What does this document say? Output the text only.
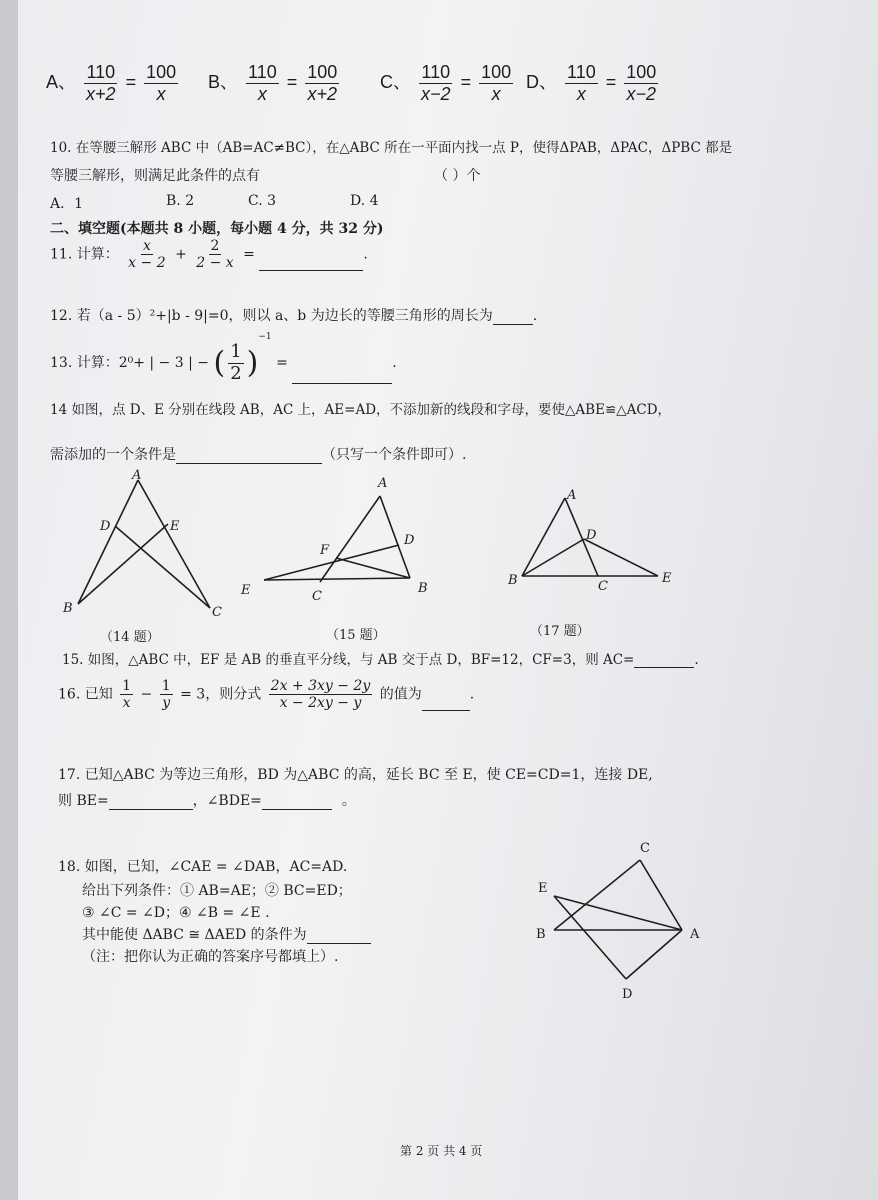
A、 $\frac{110}{x+2} = \frac{100}{x}$ B、 $\frac{110}{x} = \frac{100}{x+2}$ C、 $\frac{110}{x-2} = \frac{100}{x}$ D、 $\frac{110}{x} = \frac{100}{x-2}$
10. 在等腰三解形 ABC 中（AB=AC≠BC），在△ABC 所在一平面内找一点 P，使得ΔPAB，ΔPAC，ΔPBC 都是
等腰三解形，则满足此条件的点有	（ ）个
A．1	B. 2	C. 3	D. 4
二、填空题(本题共 8 小题，每小题 4 分，共 32 分)
11. 计算： $\frac{x}{x - 2} + \frac{2}{2 - x}$ =	.
12. 若（a - 5）²+|b - 9|=0，则以 a、b 为边长的等腰三角形的周长为	.
13. 计算：2⁰+ | − 3 | − ( $\frac{1}{2} )^{-1}$ =	.
14 如图，点 D、E 分别在线段 AB，AC 上，AE=AD，不添加新的线段和字母，要使△ABE≌△ACD，
需添加的一个条件是	（只写一个条件即可）.
A
D	E
B	C
（14 题）
A
F
D
E	C
B
（15 题）
A
D
B	C
E
（17 题）
15. 如图，△ABC 中，EF 是 AB 的垂直平分线，与 AB 交于点 D，BF=12，CF=3，则 AC=	.
16. 已知 $\frac{1}{x} - \frac{1}{y} = 3$，则分式 $\frac{2x + 3xy - 2y}{x - 2xy - y}$ 的值为	.
17. 已知△ABC 为等边三角形，BD 为△ABC 的高，延长 BC 至 E，使 CE=CD=1，连接 DE,
则 BE=	，∠BDE=	。
18. 如图，已知，∠CAE = ∠DAB，AC=AD.
给出下列条件：① AB=AE；② BC=ED；
③ ∠C = ∠D；④ ∠B = ∠E .
其中能使 ΔABC ≅ ΔAED 的条件为
（注：把你认为正确的答案序号都填上）.
C
E
B	A
D
第 2 页 共 4 页
